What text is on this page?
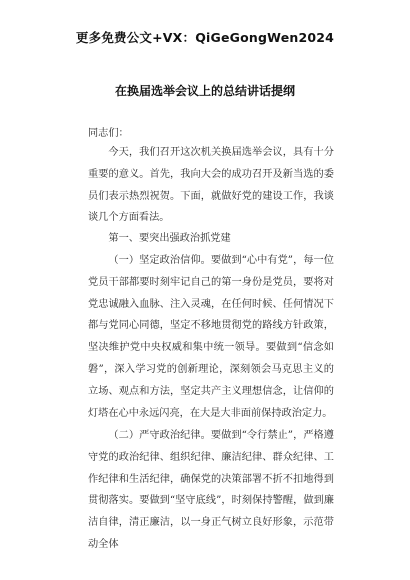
更多免费公文+VX：QiGeGongWen2024
在换届选举会议上的总结讲话提纲
同志们：

今天，我们召开这次机关换届选举会议，具有十分重要的意义。首先，我向大会的成功召开及新当选的委员们表示热烈祝贺。下面，就做好党的建设工作，我谈谈几个方面看法。

第一、要突出强政治抓党建

（一）坚定政治信仰。要做到“心中有党”，每一位党员干部都要时刻牢记自己的第一身份是党员，要将对党忠诚融入血脉、注入灵魂，在任何时候、任何情况下都与党同心同德，坚定不移地贯彻党的路线方针政策，坚决维护党中央权威和集中统一领导。要做到“信念如磐”，深入学习党的创新理论，深刻领会马克思主义的立场、观点和方法，坚定共产主义理想信念，让信仰的灯塔在心中永远闪亮，在大是大非面前保持政治定力。

（二）严守政治纪律。要做到“令行禁止”，严格遵守党的政治纪律、组织纪律、廉洁纪律、群众纪律、工作纪律和生活纪律，确保党的决策部署不折不扣地得到贯彻落实。要做到“坚守底线”，时刻保持警醒，做到廉洁自律，清正廉洁，以一身正气树立良好形象，示范带动全体
